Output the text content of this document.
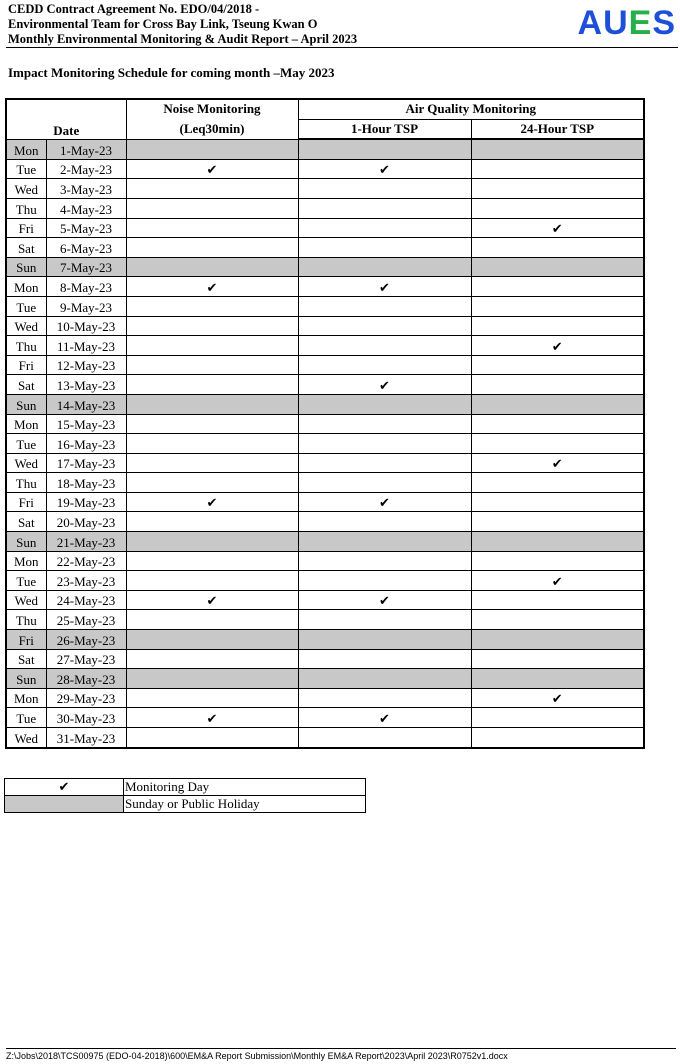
CEDD Contract Agreement No. EDO/04/2018 -
Environmental Team for Cross Bay Link, Tseung Kwan O
Monthly Environmental Monitoring & Audit Report – April 2023	AUES
Impact Monitoring Schedule for coming month –May 2023
Date		Noise Monitoring
(Leq30min)	Air Quality Monitoring	
			1-Hour TSP	24-Hour TSP
Mon	1-May-23			
Tue	2-May-23	✔	✔	
Wed	3-May-23			
Thu	4-May-23			
Fri	5-May-23			✔
Sat	6-May-23			
Sun	7-May-23			
Mon	8-May-23	✔	✔	
Tue	9-May-23			
Wed	10-May-23			
Thu	11-May-23			✔
Fri	12-May-23			
Sat	13-May-23		✔	
Sun	14-May-23			
Mon	15-May-23			
Tue	16-May-23			
Wed	17-May-23			✔
Thu	18-May-23			
Fri	19-May-23	✔	✔	
Sat	20-May-23			
Sun	21-May-23			
Mon	22-May-23			
Tue	23-May-23			✔
Wed	24-May-23	✔	✔	
Thu	25-May-23			
Fri	26-May-23			
Sat	27-May-23			
Sun	28-May-23			
Mon	29-May-23			✔
Tue	30-May-23	✔	✔	
Wed	31-May-23			
✔	Monitoring Day
	Sunday or Public Holiday
Z:\Jobs\2018\TCS00975 (EDO-04-2018)\600\EM&A Report Submission\Monthly EM&A Report\2023\April 2023\R0752v1.docx
